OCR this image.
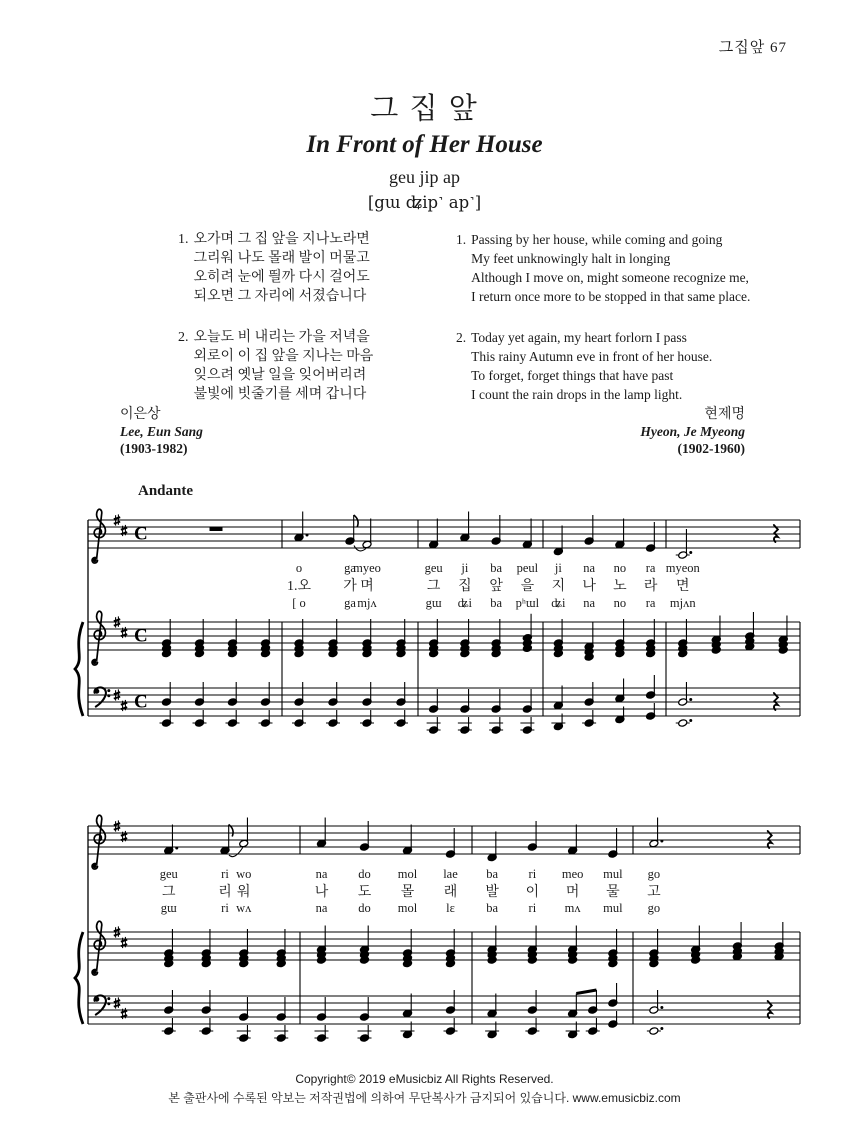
C
C
C
o
1.오
[ o
ga
가
ga
myeo
며
mjʌ
geu
그
gɯ
ji
집
ʥi
ba
앞
ba
peul
을
pʰɯl
ji
지
ʥi
na
나
na
no
노
no
ra
라
ra
myeon
면
mjʌn
geu
그
gɯ
ri
리
ri
wo
워
wʌ
na
나
na
do
도
do
mol
몰
mol
lae
래
lɛ
ba
발
ba
ri
이
ri
meo
머
mʌ
mul
물
mul
go
고
go
그집앞 67
그 집 앞
In Front of Her House
geu jip ap
[gɯ ʥip˺ ap˺]
1. 오가며 그 집 앞을 지나노라면
그리워 나도 몰래 발이 머물고
오히려 눈에 띌까 다시 걸어도
되오면 그 자리에 서졌습니다
2. 오늘도 비 내리는 가을 저녁을
외로이 이 집 앞을 지나는 마음
잊으려 옛날 일을 잊어버리려
불빛에 빗줄기를 세며 갑니다
1. Passing by her house, while coming and going
My feet unknowingly halt in longing
Although I move on, might someone recognize me,
I return once more to be stopped in that same place.
2. Today yet again, my heart forlorn I pass
This rainy Autumn eve in front of her house.
To forget, forget things that have past
I count the rain drops in the lamp light.
이은상
Lee, Eun Sang
(1903-1982)
현제명
Hyeon, Je Myeong
(1902-1960)
Andante
Copyright© 2019 eMusicbiz All Rights Reserved.
본 출판사에 수록된 악보는 저작권법에 의하여 무단복사가 금지되어 있습니다. www.emusicbiz.com
